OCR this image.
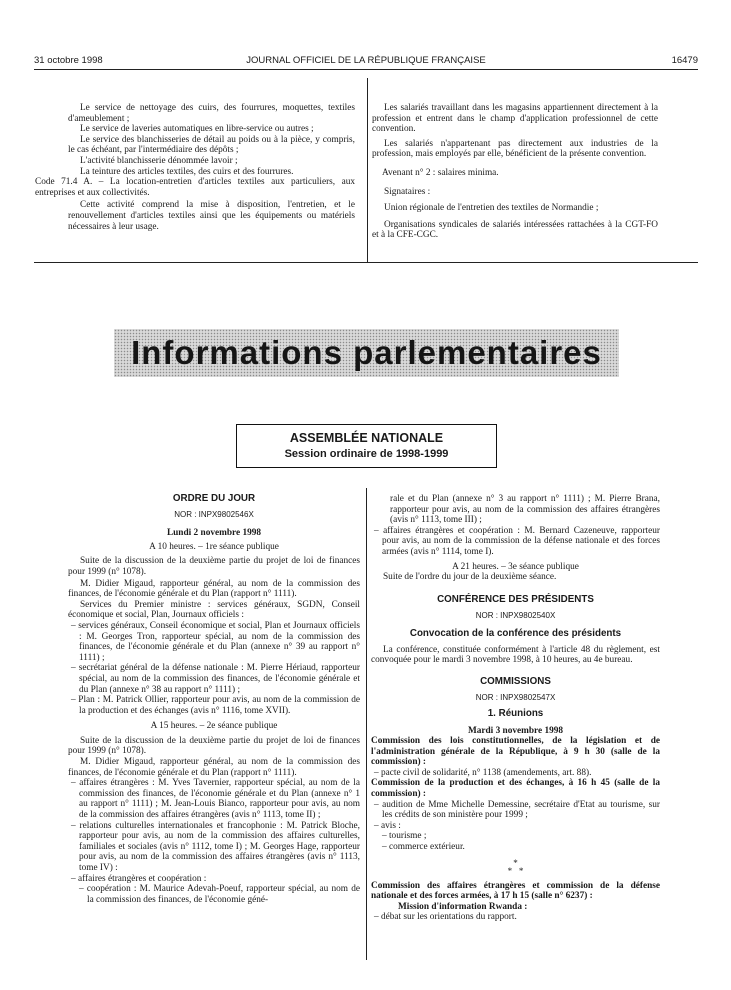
31 octobre 1998	JOURNAL OFFICIEL DE LA RÉPUBLIQUE FRANÇAISE	16479

Le service de nettoyage des cuirs, des fourrures, moquettes, textiles d'ameublement ;

Le service de laveries automatiques en libre-service ou autres ;

Le service des blanchisseries de détail au poids ou à la pièce, y compris, le cas échéant, par l'intermédiaire des dépôts ;

L'activité blanchisserie dénommée lavoir ;

La teinture des articles textiles, des cuirs et des fourrures.

Code 71.4 A. – La location-entretien d'articles textiles aux particuliers, aux entreprises et aux collectivités.

Cette activité comprend la mise à disposition, l'entretien, et le renouvellement d'articles textiles ainsi que les équipements ou matériels nécessaires à leur usage.

Les salariés travaillant dans les magasins appartiennent directement à la profession et entrent dans le champ d'application professionnel de cette convention.

Les salariés n'appartenant pas directement aux industries de la profession, mais employés par elle, bénéficient de la présente convention.

Avenant n° 2 : salaires minima.

Signataires :

Union régionale de l'entretien des textiles de Normandie ;

Organisations syndicales de salariés intéressées rattachées à la CGT-FO et à la CFE-CGC.

Informations parlementaires
ASSEMBLÉE NATIONALE
Session ordinaire de 1998-1999

ORDRE DU JOUR

NOR : INPX9802546X

Lundi 2 novembre 1998

A 10 heures. – 1re séance publique

Suite de la discussion de la deuxième partie du projet de loi de finances pour 1999 (n° 1078).

M. Didier Migaud, rapporteur général, au nom de la commission des finances, de l'économie générale et du Plan (rapport n° 1111).

Services du Premier ministre : services généraux, SGDN, Conseil économique et social, Plan, Journaux officiels :

– services généraux, Conseil économique et social, Plan et Journaux officiels : M. Georges Tron, rapporteur spécial, au nom de la commission des finances, de l'économie générale et du Plan (annexe n° 39 au rapport n° 1111) ;

– secrétariat général de la défense nationale : M. Pierre Hériaud, rapporteur spécial, au nom de la commission des finances, de l'économie générale et du Plan (annexe n° 38 au rapport n° 1111) ;

– Plan : M. Patrick Ollier, rapporteur pour avis, au nom de la commission de la production et des échanges (avis n° 1116, tome XVII).

A 15 heures. – 2e séance publique

Suite de la discussion de la deuxième partie du projet de loi de finances pour 1999 (n° 1078).

M. Didier Migaud, rapporteur général, au nom de la commission des finances, de l'économie générale et du Plan (rapport n° 1111).

– affaires étrangères : M. Yves Tavernier, rapporteur spécial, au nom de la commission des finances, de l'économie générale et du Plan (annexe n° 1 au rapport n° 1111) ; M. Jean-Louis Bianco, rapporteur pour avis, au nom de la commission des affaires étrangères (avis n° 1113, tome II) ;

– relations culturelles internationales et francophonie : M. Patrick Bloche, rapporteur pour avis, au nom de la commission des affaires culturelles, familiales et sociales (avis n° 1112, tome I) ; M. Georges Hage, rapporteur pour avis, au nom de la commission des affaires étrangères (avis n° 1113, tome IV) :

– affaires étrangères et coopération :

– coopération : M. Maurice Adevah-Poeuf, rapporteur spécial, au nom de la commission des finances, de l'économie géné-

rale et du Plan (annexe n° 3 au rapport n° 1111) ; M. Pierre Brana, rapporteur pour avis, au nom de la commission des affaires étrangères (avis n° 1113, tome III) ;

– affaires étrangères et coopération : M. Bernard Cazeneuve, rapporteur pour avis, au nom de la commission de la défense nationale et des forces armées (avis n° 1114, tome I).

A 21 heures. – 3e séance publique

Suite de l'ordre du jour de la deuxième séance.

CONFÉRENCE DES PRÉSIDENTS

NOR : INPX9802540X

Convocation de la conférence des présidents

La conférence, constituée conformément à l'article 48 du règlement, est convoquée pour le mardi 3 novembre 1998, à 10 heures, au 4e bureau.

COMMISSIONS

NOR : INPX9802547X

1. Réunions

Mardi 3 novembre 1998

Commission des lois constitutionnelles, de la législation et de l'administration générale de la République, à 9 h 30 (salle de la commission) :

– pacte civil de solidarité, n° 1138 (amendements, art. 88).

Commission de la production et des échanges, à 16 h 45 (salle de la commission) :

– audition de Mme Michelle Demessine, secrétaire d'Etat au tourisme, sur les crédits de son ministère pour 1999 ;

– avis :

– tourisme ;

– commerce extérieur.

*
* *

Commission des affaires étrangères et commission de la défense nationale et des forces armées, à 17 h 15 (salle n° 6237) :

Mission d'information Rwanda :

– débat sur les orientations du rapport.
